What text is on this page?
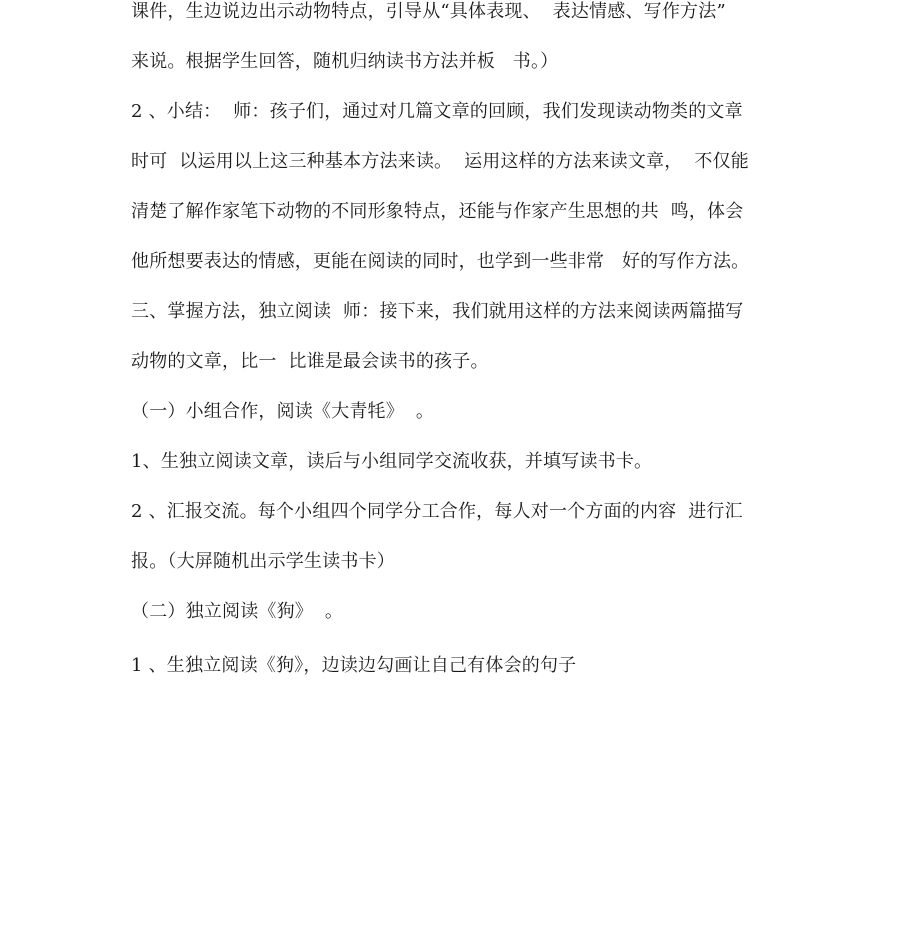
课件，生边说边出示动物特点，引导从“具体表现、  表达情感、写作方法”
来说。根据学生回答，随机归纳读书方法并板   书。）
2 、小结：  师：孩子们，通过对几篇文章的回顾，我们发现读动物类的文章
时可  以运用以上这三种基本方法来读。  运用这样的方法来读文章，  不仅能
清楚了解作家笔下动物的不同形象特点，还能与作家产生思想的共  鸣，体会
他所想要表达的情感，更能在阅读的同时，也学到一些非常   好的写作方法。
三、掌握方法，独立阅读  师：接下来，我们就用这样的方法来阅读两篇描写
动物的文章，比一  比谁是最会读书的孩子。
（一）小组合作，阅读《大青牦》  。
1、生独立阅读文章，读后与小组同学交流收获，并填写读书卡。
2 、汇报交流。每个小组四个同学分工合作，每人对一个方面的内容  进行汇
报。（大屏随机出示学生读书卡）
（二）独立阅读《狗》  。
1 、生独立阅读《狗》，边读边勾画让自己有体会的句子
